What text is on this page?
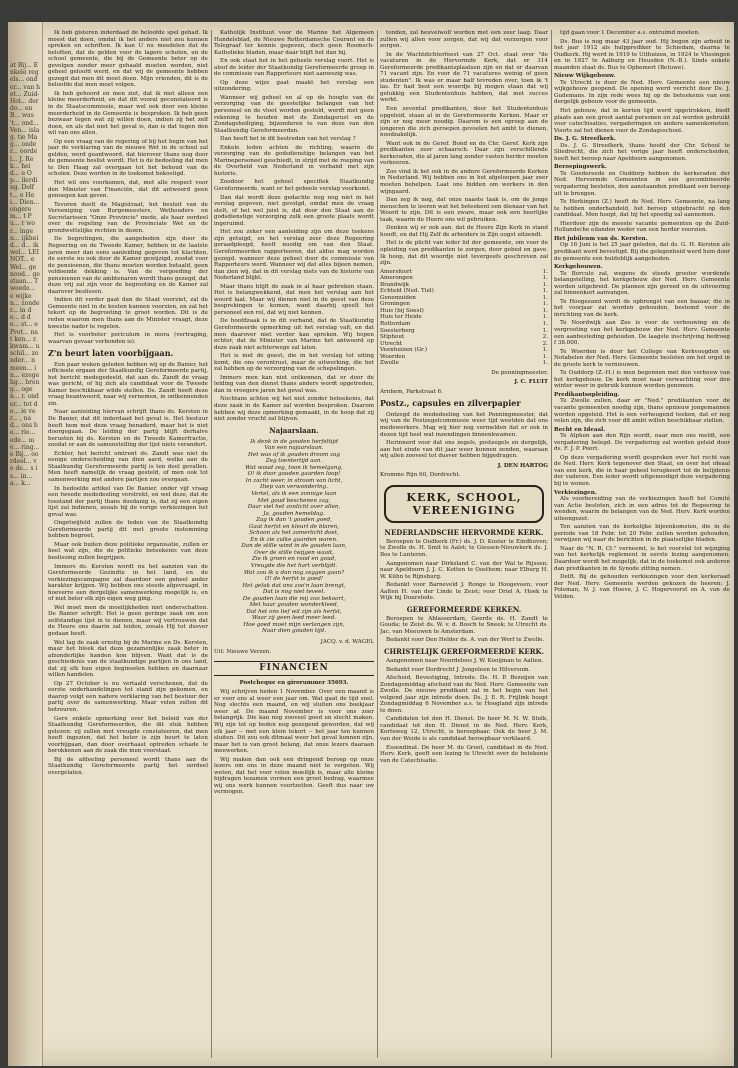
at Bij... Enkele regels... onder... van het... Zuid-Hol... derdo... en B... was 't... ond... Ven... islag. tie Mag... onder... oordel... J. Rek... heid... e Op... ilerding. Delft... e Hei... Dien... ongerem... t Pu... r wor... ingen... ijkheid... d... ik wel... LEINOT... e Wel... genood... gestaan... Tweede... e wijken... zonder... in de... d de... st... e Prot... nat ken... r. kwam... uschil... zonder... nmeen... in... ezegelig... breng... ogen... r. onder... tot de... ie ver... , nad... ons be... rie... ede... me... ring... e Bij... oordeel... ve de... s is... in... a... k...

Ik heb gisteren inderdaad de beloofde spel gehad. Ik moest dat doen, omdat ik het anders niet zou kunnen spreken en schriften. Ik kan U nu meedelen dat de beloften, dat de gelden voor de lagere scholen, en de school gemeente, die bij de Gemeente beter op de gevolgen zonder meer gehaald moeten worden, niet geheel geloofd werd, en dat wij de gemeente hebben gezegd dat men dit moet doen. Mijn vrienden, dit is de beloofde dat men moet volgen.

Ik heb gehoord en men ziet, dat ik niet alleen een kleine meerderheid, en dat dit vooral geconstateerd is in de Staatscommissie, maar wel ook door een kleine meerderheid in de Gemeente is besproken. Ik heb geen bezwaar tegen wat zij willen doen, indien zij het zelf doen, en als dat niet het geval is, dan is dat tegen den wil van ons allen.

Op een vraag van de regering of bij het begin van het jaar de verklaring van de nieuwe Wet in de school zal gelden, werd geantwoord, dat hierover thans nog door de gemeente beslist wordt. Het is de bedoeling dat men te Den Haag zal overgaan tot het behoud van de scholen. Deze worden in de toekomst bekostigd.

Het wil ons voorkomen, dat, met alle respect voor den Minister van Financiën, dat dit antwoord geen genoegen kan geven.

Tevoren deelt de Magistraat, het besluit van de Vereeniging van Burgemeesters, Wethouders en Secretarissen "Onze Provincie" mede, als haar oordeel over de regeling van de Provinciale Wet en de grondwettelijke rechten in dezen.

De begrotingen, die aangeboden zijn door de Regeering en de Tweede Kamer, hebben in de laatste jaren meer dan eens aanleiding gegeven tot klachten, de eerste nu ook door de Kamer gewijzigd, zoodat voor de pensioenen, die thans moeten worden betaald, geen voldoende dekking is. Van de vergoeding der pensioenen van de ambtenaren wordt thans gezegd, dat deze vrij zal zijn voor de begrooting en de Kamer zal daarover beslissen.

Indien dit verder gaat dan de Staat voorziet, zal de Gemeente niet in de kosten kunnen voorzien, en zal het tekort op de begrooting te groot worden. Dit is de reden waarom men thans aan de Minister vraagt, deze kwestie nader te regelen.

Het is voorbeter periculum in mora (vertraging, waarvan gevaar verbonden is).

Z'n beurt laten voorbijgaan.

Een paar weken geleden hebben wij op de Banier, het officieele orgaan der Staatkundig Gereformeerde partij, het bericht medegedeeld, dat aan ds. Zandt de vraag was gericht, of hij zich als candidaat voor de Tweede Kamer beschikbaar wilde stellen. Ds. Zandt heeft deze vraag beantwoord, naar wij vernemen, in ontkennenden zin.

Naar aanleiding hiervan schrijft thans ds. Kersten in De Banier, dat dit inderdaad het geval is. Het bestuur heeft hem met deze vraag benaderd, maar het is niet doorgegaan. De leiding der partij blijft derhalve berusten bij ds. Kersten en de Tweede Kamerfractie, zoodat er aan de samenstelling der lijst niets verandert.

Echter, het bericht omtrent ds. Zandt was niet de eenige onderscheiding van dien aard, welke aan de Staatkundig Gereformeerde partij is ten deel gevallen. Men heeft namelijk de vraag gesteld, of men ook tot samenwerking met andere partijen zou overgaan.

In bedoelde artikel van De Banier, onder vijf vraag een tweede mededeeling verstrekt, en wel deze, dat de toestand der partij thans dusdanig is, dat zij een eigen lijst zal indienen, zooals bij de vorige verkiezingen het geval was.

Ongetwijfeld zullen de leden van de Staatkundig Gereformeerde partij dit met groote instemming hebben begroet.

Maar ook buiten deze politieke organisatie, zullen er heel wat zijn, die de politieke beteekenis van deze beslissing zullen begrijpen.

Immers ds. Kersten wordt nu het aanzien van de Gereformeerde Gezindte in het land, en de verkiezingscampagne zal daardoor een geheel ander karakter krijgen. Wij hebben ons steeds afgevraagd, in hoeverre een dergelijke samenwerking mogelijk is, en of niet beter elk zijn eigen weg ging.

Wel moet men de moeilijkheden niet onderschatten. De Banier schrijft: Het is geen geringe zaak om een zelfstandige lijst in te dienen, maar wij vertrouwen dat de Heere ons daarin zal leiden, zooals Hij tot dusver gedaan heeft.

Wel lag de zaak ernstig bij de Marine en Ds. Kersten, maar het bleek dat deze gezamenlijke zaak beter in afzonderlijke handen kon blijven. Want dat is de geschiedenis van de staatkundige partijen in ons land, dat zij elk hun eigen beginselen hebben en daarnaar willen handelen.

Op 27 October is nu vertaald verschenen, dat de eerste onderhandelingen tot stand zijn gekomen, en daarop volgt een nadere verklaring van het bestuur der partij over de samenwerking. Maar velen zullen dit betreuren.

Gere enkele opmerking over het beleid van der Staatkundig Gereformeerden, die dit stuk hebben gelezen: zij zullen met vreugde constateeren, dat men heeft ingezien, dat het beter is zijn beurt te laten voorbijgaan, dan door overhaast optreden schade te berokkenen aan de zaak die men voorstaat.

Bij de afdeeling personeel wordt thans aan de Staatkundig Gereformeerde partij het oordeel overgelaten.

Katholijk Instituut voor de Marine het Algemeen Handelsblad, de Nieuwe Rotterdamsche Courant en de Telegraaf ter kennis gegeven, doch geen Roomsch-Katholieke bladen, maar daar blijft het dan bij.

En ook staat het in het geheele verslag voort. Het is alsof de leider der Staatkundig Gereformeerde groep in de commissie van Rapporteurs niet aanwezig was.

Op deze wijze gaat maakt het verslag een uitzondering.

Wanneer wij geheel en al op de hoogte van de verzorging van de geestelijke belangen van het personeel en de vloot worden gesteld, wordt met geen rekening te houden met de Zondagsrust en de Zondagsheiliging, bijzonderen te van deze van den Staatkundig Gereformeerden.

Dan heeft het in dit bestreden van het verslag ?

Enkele leden achten de richting, waarin de verzorging van de godsdienstige belangen van het Marinepersoneel geschiedt, in strijd met de roeping van de Overheid van Nederland in verband met zijn historie.

Zoodoor het geheel specifiek Staatkundig Gereformeerde, want er het geheele verslag voorkomt.

Dan dat wordt deze gedachte nog nog niet in het verslag gegeven, niet gevolgd, omdat men de vraag stelt, of het wel juist is, dat door den Staat aan de godsdienstige verzorging zulk een groote plaats wordt ingeruimd.

Het zou zeker een aanleiding zijn om deze teekens zijn getuigd, en het verslag zeer deze Regeering geraadpleegd, heeft noodig om van den Staat. Gereformeerden rapporteeren, dat aldus mag worden gezegd. wanneer deze geheel door de commissie van Rapporteurs werd. Wanneer wij dat alles bijeen nemen, dan zien wij, dat in dit verslag niets van de historie van Nederland blijkt.

Maar thans blijft de zaak in al haar gebreken staan. Het is belangwekkend, dat men het verslag aan het woord laat. Maar wij dienen niet in de geest van deze besprekingen te komen, want daarbij speelt het personeel een rol, dat wij niet kennen.

De hoofdzaak is in dit verband, dat de Staatkundig Gereformeerde opmerking uit het verslag valt, en dat men daarover niet verder kan spreken. Wij hopen echter, dat de Minister van Marine het antwoord op deze zaak niet achterwege zal laten.

Het is niet de geest, die in het verslag tot uiting komt, die ons verontrust, maar de uitwerking, die het zal hebben op de verzorging van de schepelingen.

Immers men kan niet ontkennen, dat er door de leiding van den dienst thans anders wordt opgetreden, dan in vroegere jaren het geval was.

Nochtans achten wij het niet zonder beteekenis, dat deze zaak in de Kamer zal worden besproken. Daarom hebben wij deze opmerking gemaakt, in de hoop dat zij niet zonder vrucht zal blijven.

Najaarslaan.
Ik denk in de gouden herfsttijd
Van een najaarslaan.
Het was of ik gouden droom zag
Zeg toentertijd aan.
Wat woud zeg, toon ik hemelgang,
O! ik door gouden gaarden loop!
In zacht weer, in stroom van licht,
Diep van verwondering.
Vertel, als ik een zonnige laan
Met goud beschenen zag,
Daar viel het zonlicht over allen,
Ja, gouden hemeldag.
Zag ik dan 't gouden goed,
Gaat herfst en kleurt de blaren,
Schoon als het zomerlicht doet,
En ik zie zulke gaarden waren.
Dan de stille wind in de gouden laan,
Over de stille twijgen waait,
Zie ik groen en rood en goud,
Vreugde die het hart verblijdt.
Wat zou ik u dan nog zeggen gaan?
O! de herfst is goed!
Het geluk dat ons zoo'n laan brengt,
Dat is nog niet teveel.
De gouden laan die mij zoo bekoort,
Met haar gouden wonderkleed,
Dat het ons lief wil zijn als herfst,
Waar zij geen leed meer leed.
Hoe goed moet mijn verlangen zijn,
Naar dien gouden tijd.
JACQ. v. d. WAGEL
Uit: Nieuwe Verzen.
FINANCIËN
Postcheque en girorummer 35693.

Wij schrijven heden 1 November. Over een maand is er voor ons al weer een jaar om. Wat gaat de tijd snel. Nog slechts een maand, en wij sluiten ons boekjaar weer af. De maand November is voor ons zeer belangrijk. Die kan nog zooveel goed en slecht maken. Wij zijn tot op heden nog gezegend geworden, dat wij elk jaar -- met een klein tekort -- het jaar ten kunnen sluiten. Dit zou ook ditmaal weer het geval kunnen zijn, maar het is van groot belang, dat onze lezers daaraan meewerken.

Wij maken dan ook een dringend beroep op onze lezers om ons in deze maand niet te vergeten. Wij weten, dat het voor velen moeilijk is, maar alle kleine bijdragen tezamen vormen een groot bedrag, waarmee wij ons werk kunnen voortzetten. Geeft dus naar uw vermogen.

tonden, zal heuvelwolf worden met een zeer laag. Daar zullen wij allen voor zorgen, dat wij dat verzorgen voor zorgen.

In de Wachtdichterfeest van 27 Oct. staat over "de vacaturen in de Hervormde Kerk, dat er 314 Gereformeerde predikantsplaatsen zijn en dat er daarvan 71 vacant zijn. En voor de 71 vacatures weinig of geen studenten". Ik was er maar half tevreden over, toen ik 't las. Er had best een woordje bij mogen staan dat wij gelukkig een Studentenhuis hebben, dat met succes werkt.

Een zevental predikanten, door het Studentenhuis opgeleid, staan al in de Gereformeerde Kerken. Maar er zijn er nog meer noodig. Daarom is een oproep aan de jongeren die zich geroepen gevoelen het ambt te dienen, noodzakelijk.

Want ook in de Geref. Bond en de Chr. Geref. Kerk zijn predikanten zeer schaarsch. Daar zijn verschillende kerkeraden, die al jaren lang zonder vasten herder moeten verkeeren.

Zoo vind ik het ook in de andere Gereformeerde Kerken in Nederland. Wij hebben ons in het afgeloopen jaar zeer moeten behelpen. Laat ons bidden om werkers in den wijngaard.

Dan zeg ik nog, dat onze naaste taak is, om de jonge menschen te leeren wat het beteekent een dienaar van het Woord te zijn. Dit is een zware, maar ook een heerlijke taak, waarin de Heere ons wil gebruiken.

Denken wij er ook aan, dat de Heere Zijn Kerk in stand houdt, en dat Hij Zelf de arbeiders in Zijn oogst uitzendt.

Het is de plicht van ieder lid der gemeente, om voor de opleiding van predikanten te zorgen, door gebed en gave. Ik hoop, dat dit woordje niet tevergeefs geschreven zal zijn.

Amersfoort	1.
Amerongen	1.
Brandwijk	1.
Echteld (Ned. Tiel)	1.
Genemuiden	1.
Groningen	1.
Huis (bij Soest)	1.
Huis ter Heide	1.
Rotterdam	1.
Soesterberg	1.
Stiphout	2.
Utrecht	2.
Veenhuizen (Gr.)	1.
Woerden	1.
Zwolle	1.
De penningmeester,
J. C. FLUIT
Arnhem, Parkstraat 6.
Postz., capsules en zilverpapier

Ontzegd de mededeeling van het Penningmeester, dat wij van de Postzegelcommissie weer tijd weetden dat ons medewerkers. Mag wij hier nog vermelden dat er ook in dezen tijd heel wat inzendingen binnenkwamen.

Herinnerd voor dat ons zegels, postzegels en dergelijk, aan het einde van dit jaar weer kunnen zenden, waaraan wij allen zooveel tot dusver hebben bijgedragen.

J. DEN HARTOG
Kromme Rijn 60, Dordrecht.
KERK, SCHOOL,
VEREENIGING
NEDERLANDSCHE HERVORMDE KERK.

Beroepen te Oudkerk (Fr.) ds. J. D. Koster te Eindhoven; te Zwolle ds. H. Smit te Aalst; te Giessen-Nieuwkerk ds. J. Bos te Lunteren.

Aangenomen naar Dirksland C. van der Wal te Rijssen; naar Apeldoorn J. J. C. Kotten te Oosthem; naar Elburg H. W. Kühn te Rijnsburg.

Bedankt voor Barneveld J. Ronge te Hoogeveen; voor Aalten H. van der Linde te Zeist; voor Driel A. Hoek te Wijk bij Duurstede.

GEREFORMEERDE KERKEN.

Beroepen te Ablasserdam, Geerde ds. H. Zandt te Gouda; te Zeist ds. W. v. d. Bosch te Sneek; te Utrecht ds. Jac. van Meeuwen te Amsterdam.

Bedankt voor Den Helder ds. A. van der Werf te Zwolle.

CHRISTELIJK GEREFORMEERDE KERK.

Aangenomen naar Noordeloos J. W. Kooijman te Aalten.

Bedankt voor Dordrecht J. Jongeleen te Hilversum.

Afscheid, Bevestiging, Intrede. Ds. H. P. Bezuijen van Zondagsmiddag afscheid van de Ned. Herv. Gemeente van Zwolle. De nieuwe predikant zal in het begin van het volgend jaar zijn intrede doen. Ds. J. E. R. Frijlink hoopt Zondagmiddag 6 November a.s. te Hoogland zijn intrede te doen.

Candidaten tot den H. Dienst. De heer M. N. W. Stolk, candidaat tot den H. Dienst in de Ned. Herv. Kerk, Korteweg 12, Utrecht, is beroepbaar. Ook de heer J. M. van der Weide is als candidaat beroepbaar verklaard.

Essendinat. De heer M. de Groot, candidaat in de Ned. Herv. Kerk, geeft een lezing te Utrecht over de betekenis van de Catechisatie.

tijd gaan voor 1 December a.s. ontruimd moeten.

Ds. Bus is nog maar 43 jaar oud. Hij begon zijn arbeid in het jaar 1912 als hulpprediker te Schiedam, daarna te Oudkerk. Hij werd in 1919 te Uithuizen, in 1924 te Vlissingen en in 1927 te Aalburg en Heusden (N.-B.). Sinds enkele maanden staat ds. Bus te Ophemert (Betuwe).

Nieuw Wijkgebouw.

Te Utrecht is door de Ned. Herv. Gemeente een nieuw wijkgebouw geopend. De opening werd verricht door Ds. J. Gudemans. In zijn rede wees hij op de beteekenis van een dergelijk gebouw voor de gemeente.

Het gebouw, dat in korten tijd werd opgetrokken, biedt plaats aan een groot aantal personen en zal worden gebruikt voor catechisaties, vergaderingen en andere samenkomsten. Voorts zal het dienen voor de Zondagsschool.

Ds. J. G. Streefkerk.

Ds. J. G. Streefkerk, thans hoofd der Chr. School te Sliedrecht, die zich het vorige jaar heeft onderscheiden, heeft het beroep naar Apeldoorn aangenomen.

Beroepingswerk.

Te Goedereede en Ouddorp hebben de kerkeraden der Ned. Hervormde Gemeenten in een gecombineerde vergadering besloten, den aanstaanden predikant een beroep uit te brengen.

Te Herkingen (Z.) heeft de Ned. Herv. Gemeente, na lang te hebben onderhandeld, het beroep uitgebracht op den candidaat. Men hoopt, dat hij het spoedig zal aannemen.

Hierdoor zijn de meeste vacante gemeenten op de Zuid-Hollandsche eilanden weder van een herder voorzien.

Het jubileum van ds. Kersten.

Op 16 Juni is het 25 jaar geleden, dat ds. G. H. Kersten als predikant werd bevestigd. Bij die gelegenheid werd hem door de gemeente een huldeblijk aangeboden.

Kerkgebouwen.

Te Borculo zal, wegens de steeds grooter wordende belangstelling, het kerkgebouw der Ned. Herv. Gemeente worden uitgebreid. De plannen zijn gereed en de uitvoering zal binnenkort aanvangen.

Te Hoogezand wordt de opbrengst van een bazaar, die in het voorjaar zal worden gehouden, bestemd voor de inrichting van de kerk.

Te Noordwijk aan Zee is voor de verbouwing en de vergrooting van het kerkgebouw der Ned. Herv. Gemeente een aanbesteding gehouden. De laagste inschrijving bedroeg f 38.000.

Te Woerden is door het College van Kerkvoogden en Notabelen der Ned. Herv. Gemeente besloten om het orgel in de groote kerk te vernieuwen.

Te Ouddorp (Z.-H.) is men begonnen met den verbouw van het kerkgebouw. De kerk moet naar verwachting voor den winter weer in gebruik kunnen worden genomen.

Predikantsopleiding.

Te Zwolle zullen, daar er "Ned." predikanten voor de vacante gemeenten noodig zijn, thans opnieuw jongemannen worden opgeleid. Het is een verheugend teeken, dat er nog velen zijn, die zich voor dit ambt willen beschikbaar stellen.

Recht en Ideaal.

Te Alphen aan den Rijn wordt, naar men ons meldt, een vergadering belegd. De vergadering zal worden geleid door ds. F. J. P. Poort.

Op deze vergadering wordt gesproken over het recht van de Ned. Herv. Kerk tegenover den Staat, en over het ideaal van een kerk, die in haar geheel terugkeert tot de belijdenis der vaderen. Een ieder wordt uitgenoodigd deze vergadering bij te wonen.

Verkiezingen.

Als voorbereiding van de verkiezingen heeft het Comité van Actie besloten, zich in een adres tot de Regeering te wenden, waarin de belangen van de Ned. Herv. Kerk worden uiteengezet.

Ten aanzien van de kerkelijke bijeenkomsten, die in de periode van 18 Febr. tot 20 Febr. zullen worden gehouden, verwijzen wij naar de berichten in de plaatselijke bladen.

Naar de "N. R. Ct." verneemt, is het voorstel tot wijziging van het kerkelijk reglement in eerste lezing aangenomen. Daardoor wordt het mogelijk, dat in de toekomst ook anderen dan predikanten in de Synode zitting nemen.

Delft. Bij de gehouden verkiezingen voor den kerkeraad der Ned. Herv. Gemeente werden gekozen de heeren: J. Poleman, N. J. van Hoeve, J. C. Hogervoorst en A. van de Velden.
